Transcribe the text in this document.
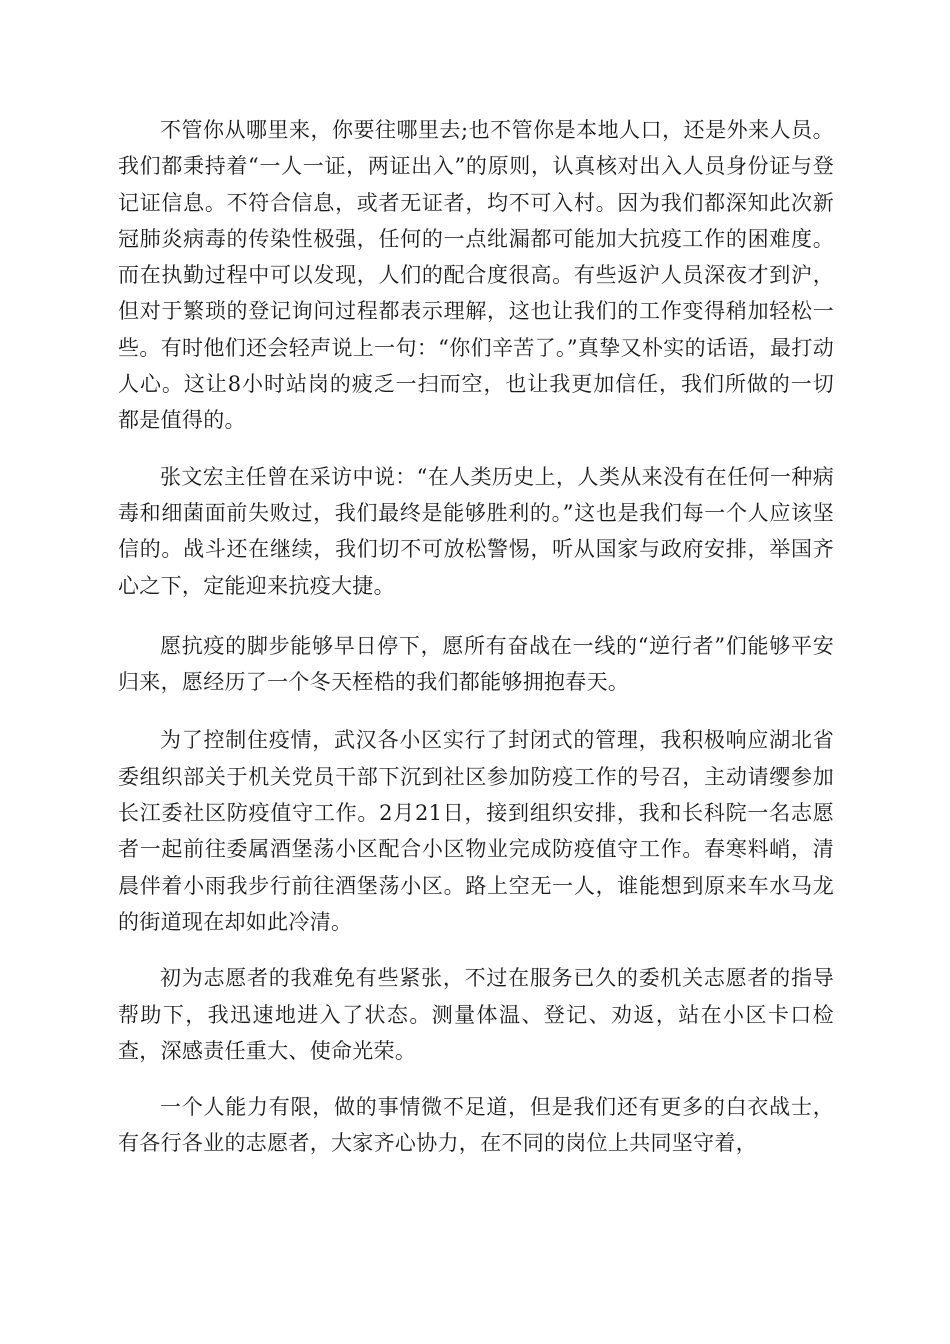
不管你从哪里来，你要往哪里去;也不管你是本地人口，还是外来人员。我们都秉持着“一人一证，两证出入”的原则，认真核对出入人员身份证与登记证信息。不符合信息，或者无证者，均不可入村。因为我们都深知此次新冠肺炎病毒的传染性极强，任何的一点纰漏都可能加大抗疫工作的困难度。而在执勤过程中可以发现，人们的配合度很高。有些返沪人员深夜才到沪，但对于繁琐的登记询问过程都表示理解，这也让我们的工作变得稍加轻松一些。有时他们还会轻声说上一句：“你们辛苦了。”真挚又朴实的话语，最打动人心。这让8小时站岗的疲乏一扫而空，也让我更加信任，我们所做的一切都是值得的。

张文宏主任曾在采访中说：“在人类历史上，人类从来没有在任何一种病毒和细菌面前失败过，我们最终是能够胜利的。”这也是我们每一个人应该坚信的。战斗还在继续，我们切不可放松警惕，听从国家与政府安排，举国齐心之下，定能迎来抗疫大捷。

愿抗疫的脚步能够早日停下，愿所有奋战在一线的“逆行者”们能够平安归来，愿经历了一个冬天桎梏的我们都能够拥抱春天。

为了控制住疫情，武汉各小区实行了封闭式的管理，我积极响应湖北省委组织部关于机关党员干部下沉到社区参加防疫工作的号召，主动请缨参加长江委社区防疫值守工作。2月21日，接到组织安排，我和长科院一名志愿者一起前往委属酒堡荡小区配合小区物业完成防疫值守工作。春寒料峭，清晨伴着小雨我步行前往酒堡荡小区。路上空无一人，谁能想到原来车水马龙的街道现在却如此冷清。

初为志愿者的我难免有些紧张，不过在服务已久的委机关志愿者的指导帮助下，我迅速地进入了状态。测量体温、登记、劝返，站在小区卡口检查，深感责任重大、使命光荣。

一个人能力有限，做的事情微不足道，但是我们还有更多的白衣战士，有各行各业的志愿者，大家齐心协力，在不同的岗位上共同坚守着，
